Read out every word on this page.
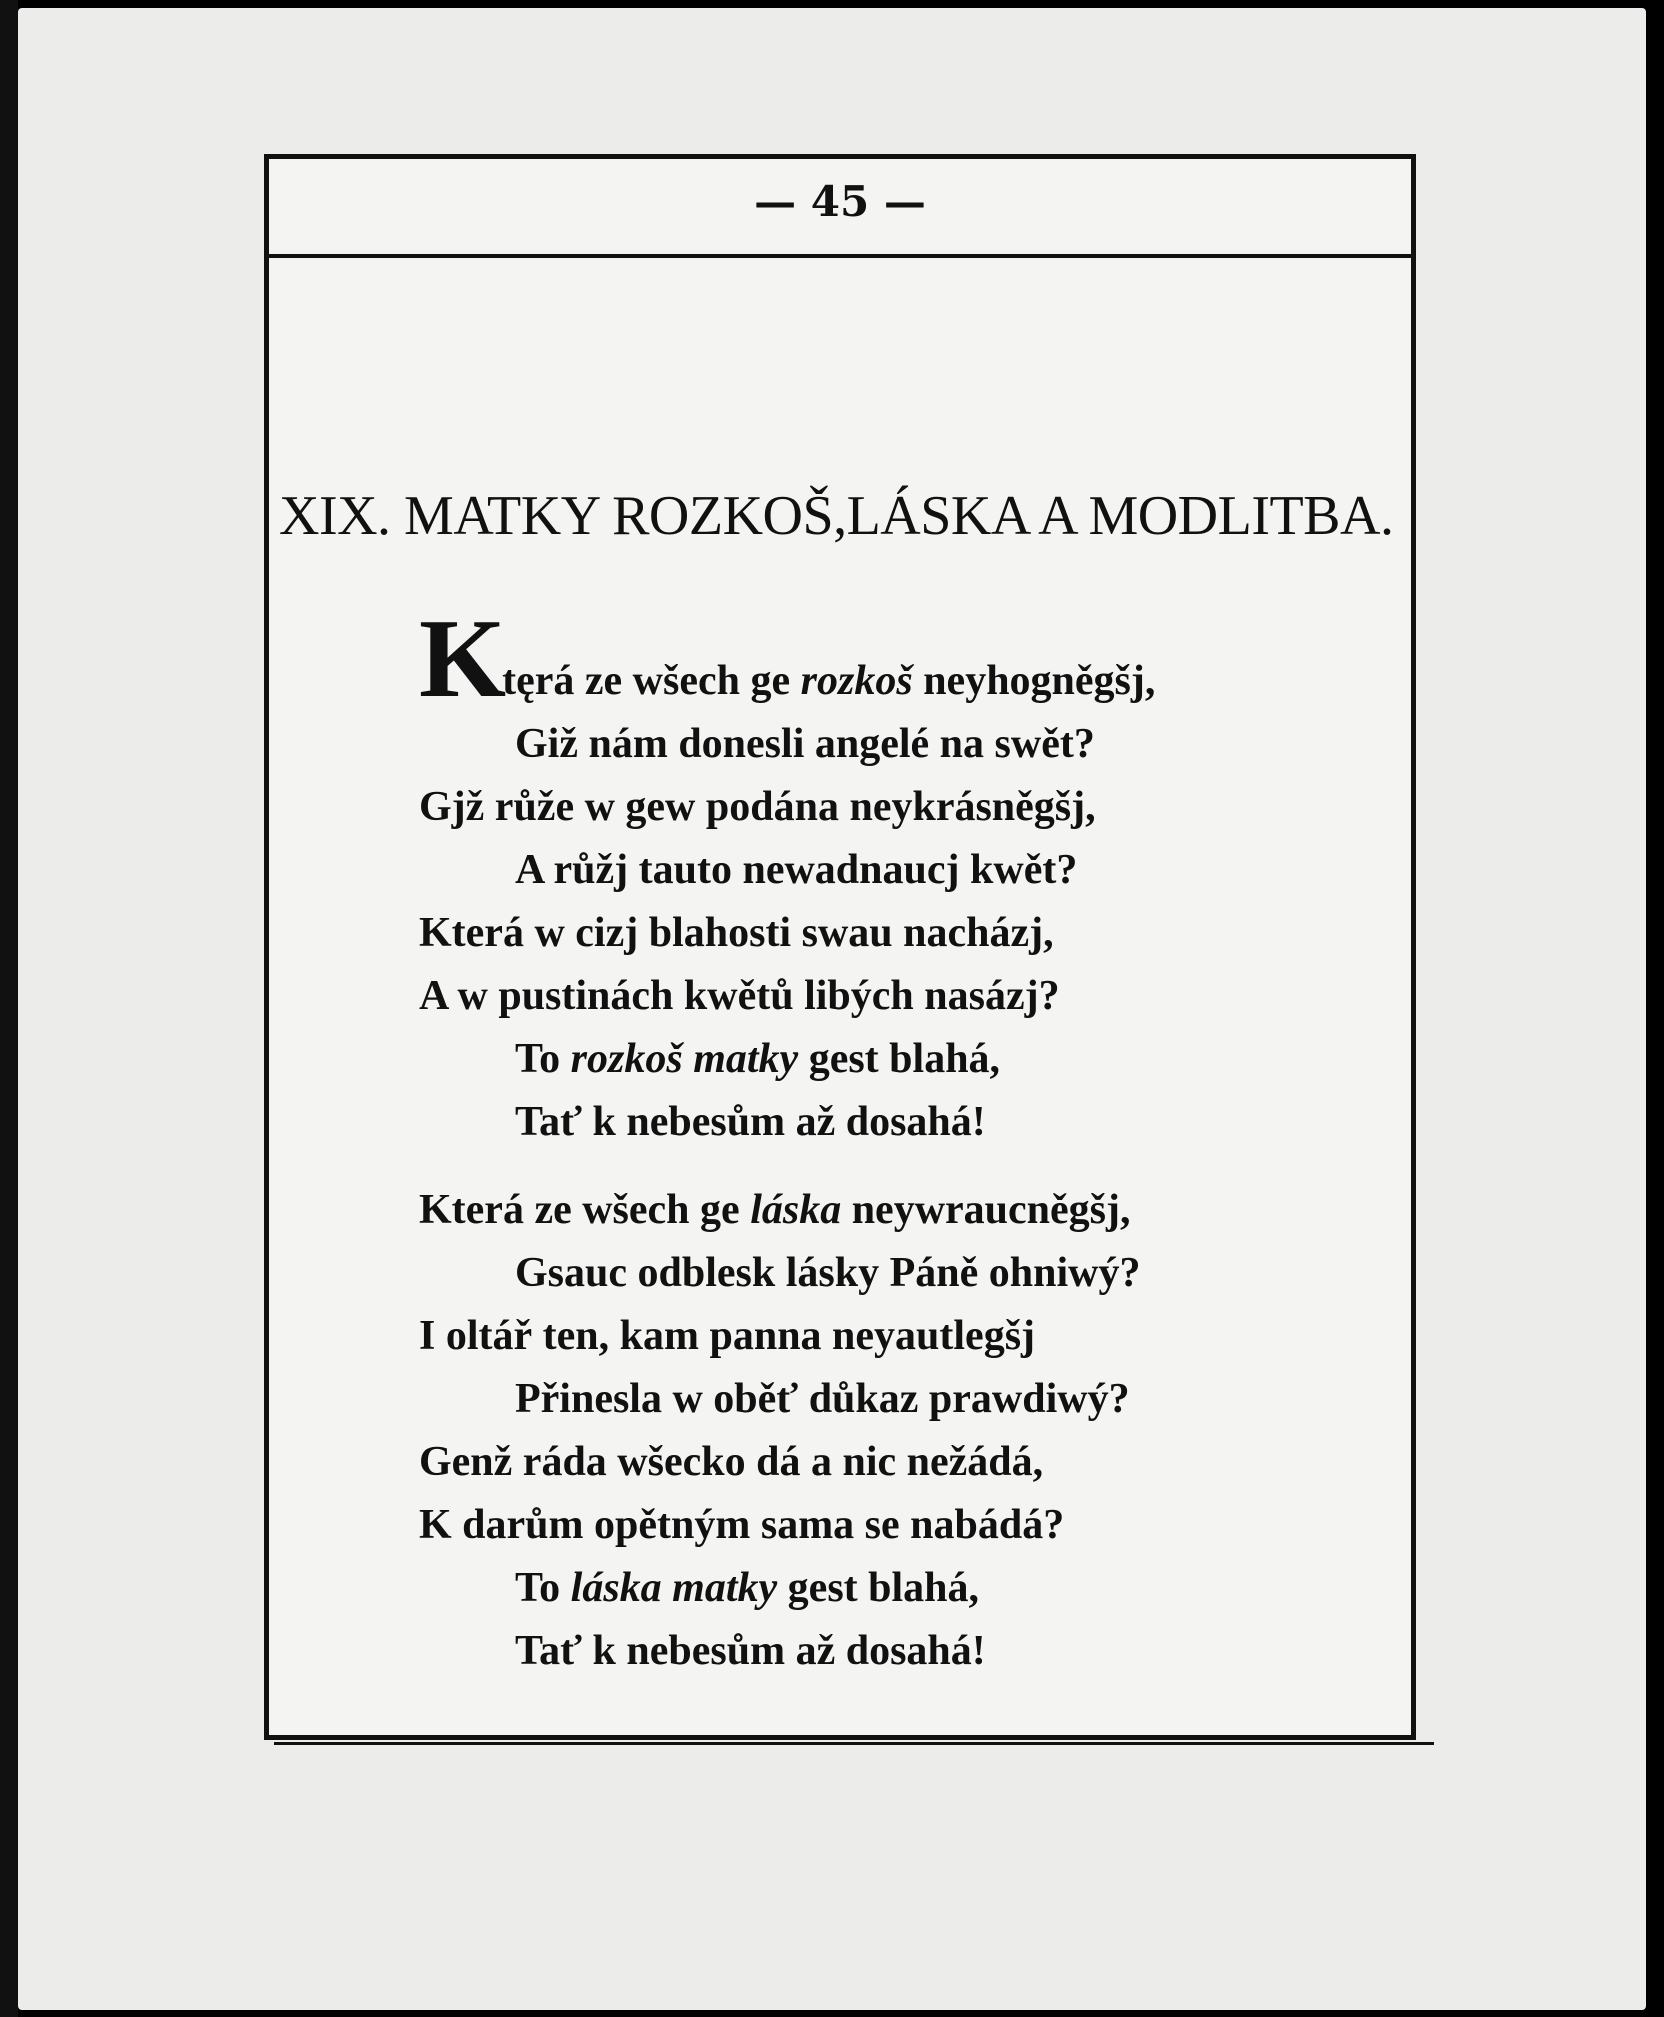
— 45 —
XIX. MATKY ROZKOŠ,LÁSKA A MODLITBA.
Ktęrá ze wšech ge rozkoš neyhogněgšj,
Giž nám donesli angelé na swět?
Gjž růže w gew podána neykrásněgšj,
A růžj tauto newadnaucj kwět?
Která w cizj blahosti swau nacházj,
A w pustinách kwětů libých nasázj?
To rozkoš matky gest blahá,
Tať k nebesům až dosahá!
Která ze wšech ge láska neywraucněgšj,
Gsauc odblesk lásky Páně ohniwý?
I oltář ten, kam panna neyautlegšj
Přinesla w oběť důkaz prawdiwý?
Genž ráda wšecko dá a nic nežádá,
K darům opětným sama se nabádá?
To láska matky gest blahá,
Tať k nebesům až dosahá!
